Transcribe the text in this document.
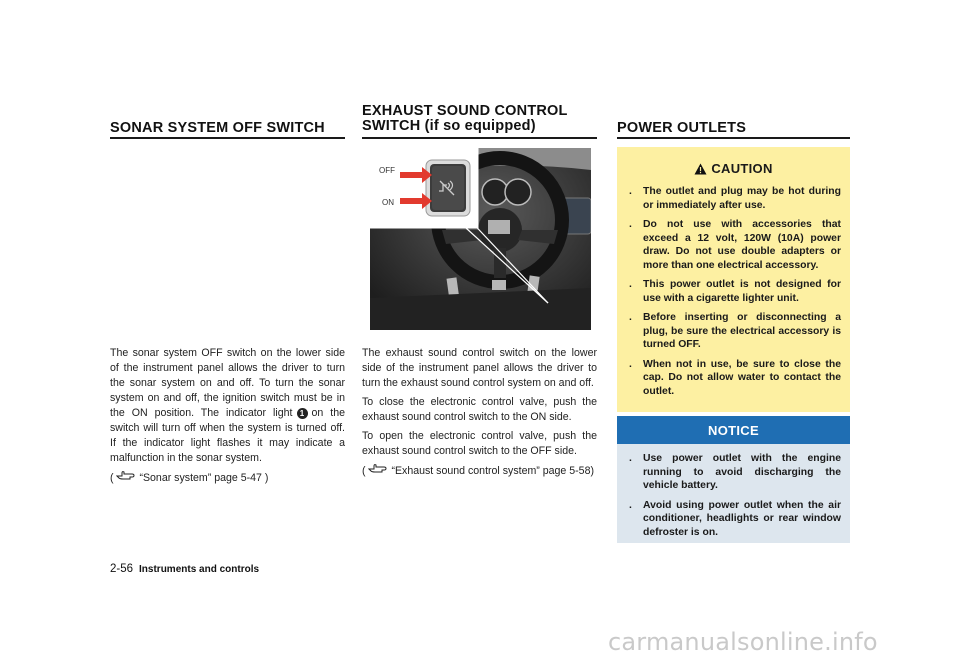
SONAR SYSTEM OFF SWITCH

The sonar system OFF switch on the lower side of the instrument panel allows the driver to turn the sonar system on and off. To turn the sonar system on and off, the ignition switch must be in the ON position. The indicator light 1 on the switch will turn off when the system is turned off. If the indicator light flashes it may indicate a malfunction in the sonar system.

( “Sonar system” page 5-47 )

EXHAUST SOUND CONTROL
SWITCH (if so equipped)
OFF
ON

The exhaust sound control switch on the lower side of the instrument panel allows the driver to turn the exhaust sound control system on and off.

To close the electronic control valve, push the exhaust sound control switch to the ON side.

To open the electronic control valve, push the exhaust sound control switch to the OFF side.

( “Exhaust sound control system” page 5-58)

POWER OUTLETS
CAUTION
. The outlet and plug may be hot during or immediately after use.
. Do not use with accessories that exceed a 12 volt, 120W (10A) power draw. Do not use double adapters or more than one electrical accessory.
. This power outlet is not designed for use with a cigarette lighter unit.
. Before inserting or disconnecting a plug, be sure the electrical accessory is turned OFF.
. When not in use, be sure to close the cap. Do not allow water to contact the outlet.
NOTICE
. Use power outlet with the engine running to avoid discharging the vehicle battery.
. Avoid using power outlet when the air conditioner, headlights or rear window defroster is on.
2-56 Instruments and controls
carmanualsonline.info
